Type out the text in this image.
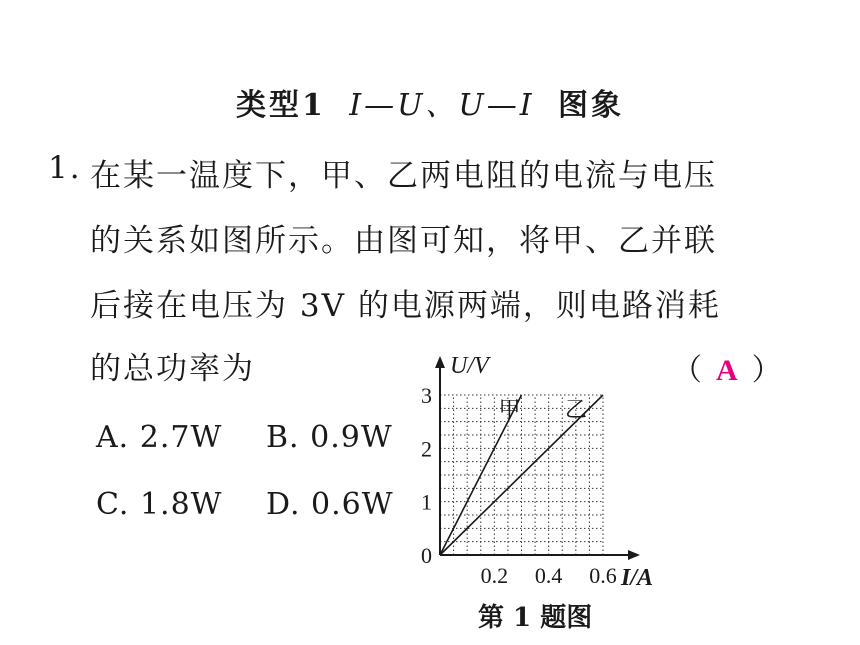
类型1 I—U、U—I 图象
1. 在某一温度下，甲、乙两电阻的电流与电压
的关系如图所示。由图可知，将甲、乙并联
后接在电压为 3V 的电源两端，则电路消耗
的总功率为	（ A ）
A. 2.7W B. 0.9W
C. 1.8W D. 0.6W
0.2 0.4 0.6
1
2
3
0
U/V
I/A
甲 乙
第 1 题图
